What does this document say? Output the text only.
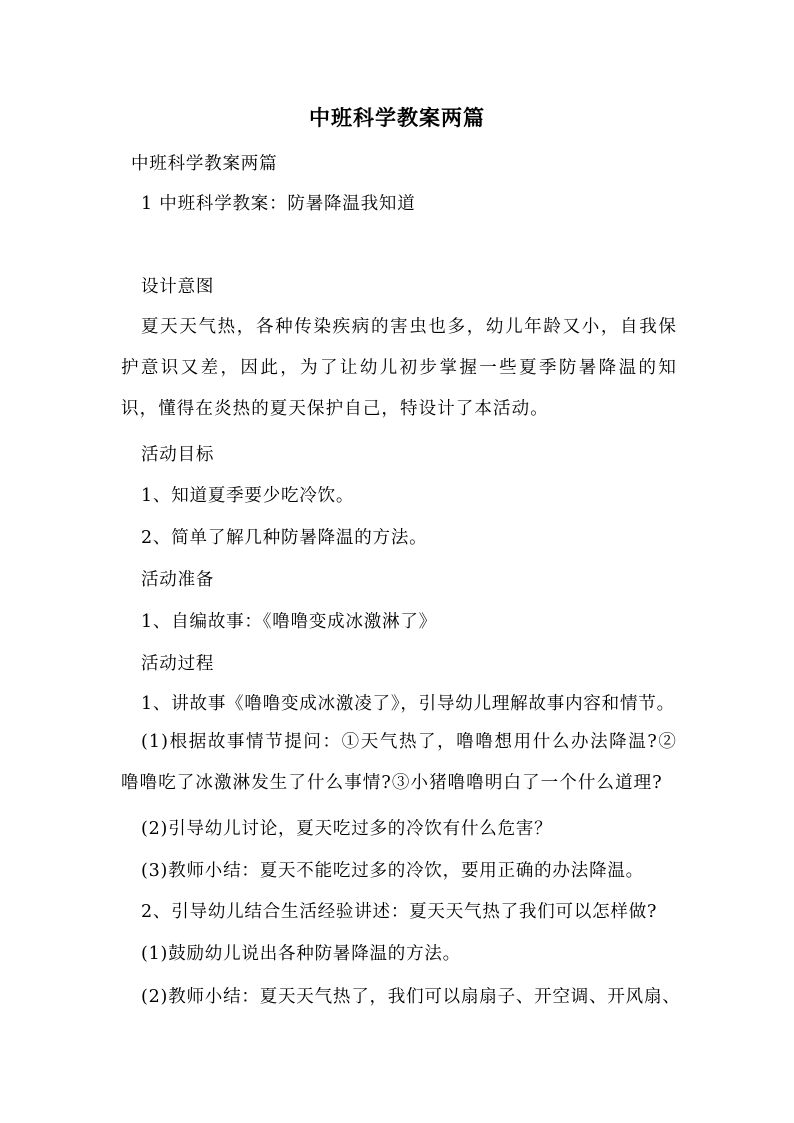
中班科学教案两篇
中班科学教案两篇
1 中班科学教案：防暑降温我知道
设计意图
夏天天气热，各种传染疾病的害虫也多，幼儿年龄又小，自我保护意识又差，因此，为了让幼儿初步掌握一些夏季防暑降温的知识，懂得在炎热的夏天保护自己，特设计了本活动。
活动目标
1、知道夏季要少吃冷饮。
2、简单了解几种防暑降温的方法。
活动准备
1、自编故事：《噜噜变成冰激淋了》
活动过程
1、讲故事《噜噜变成冰激凌了》，引导幼儿理解故事内容和情节。
(1)根据故事情节提问：①天气热了，噜噜想用什么办法降温?②噜噜吃了冰激淋发生了什么事情?③小猪噜噜明白了一个什么道理?
(2)引导幼儿讨论，夏天吃过多的冷饮有什么危害？
(3)教师小结：夏天不能吃过多的冷饮，要用正确的办法降温。
2、引导幼儿结合生活经验讲述：夏天天气热了我们可以怎样做?
(1)鼓励幼儿说出各种防暑降温的方法。
(2)教师小结：夏天天气热了，我们可以扇扇子、开空调、开风扇、
